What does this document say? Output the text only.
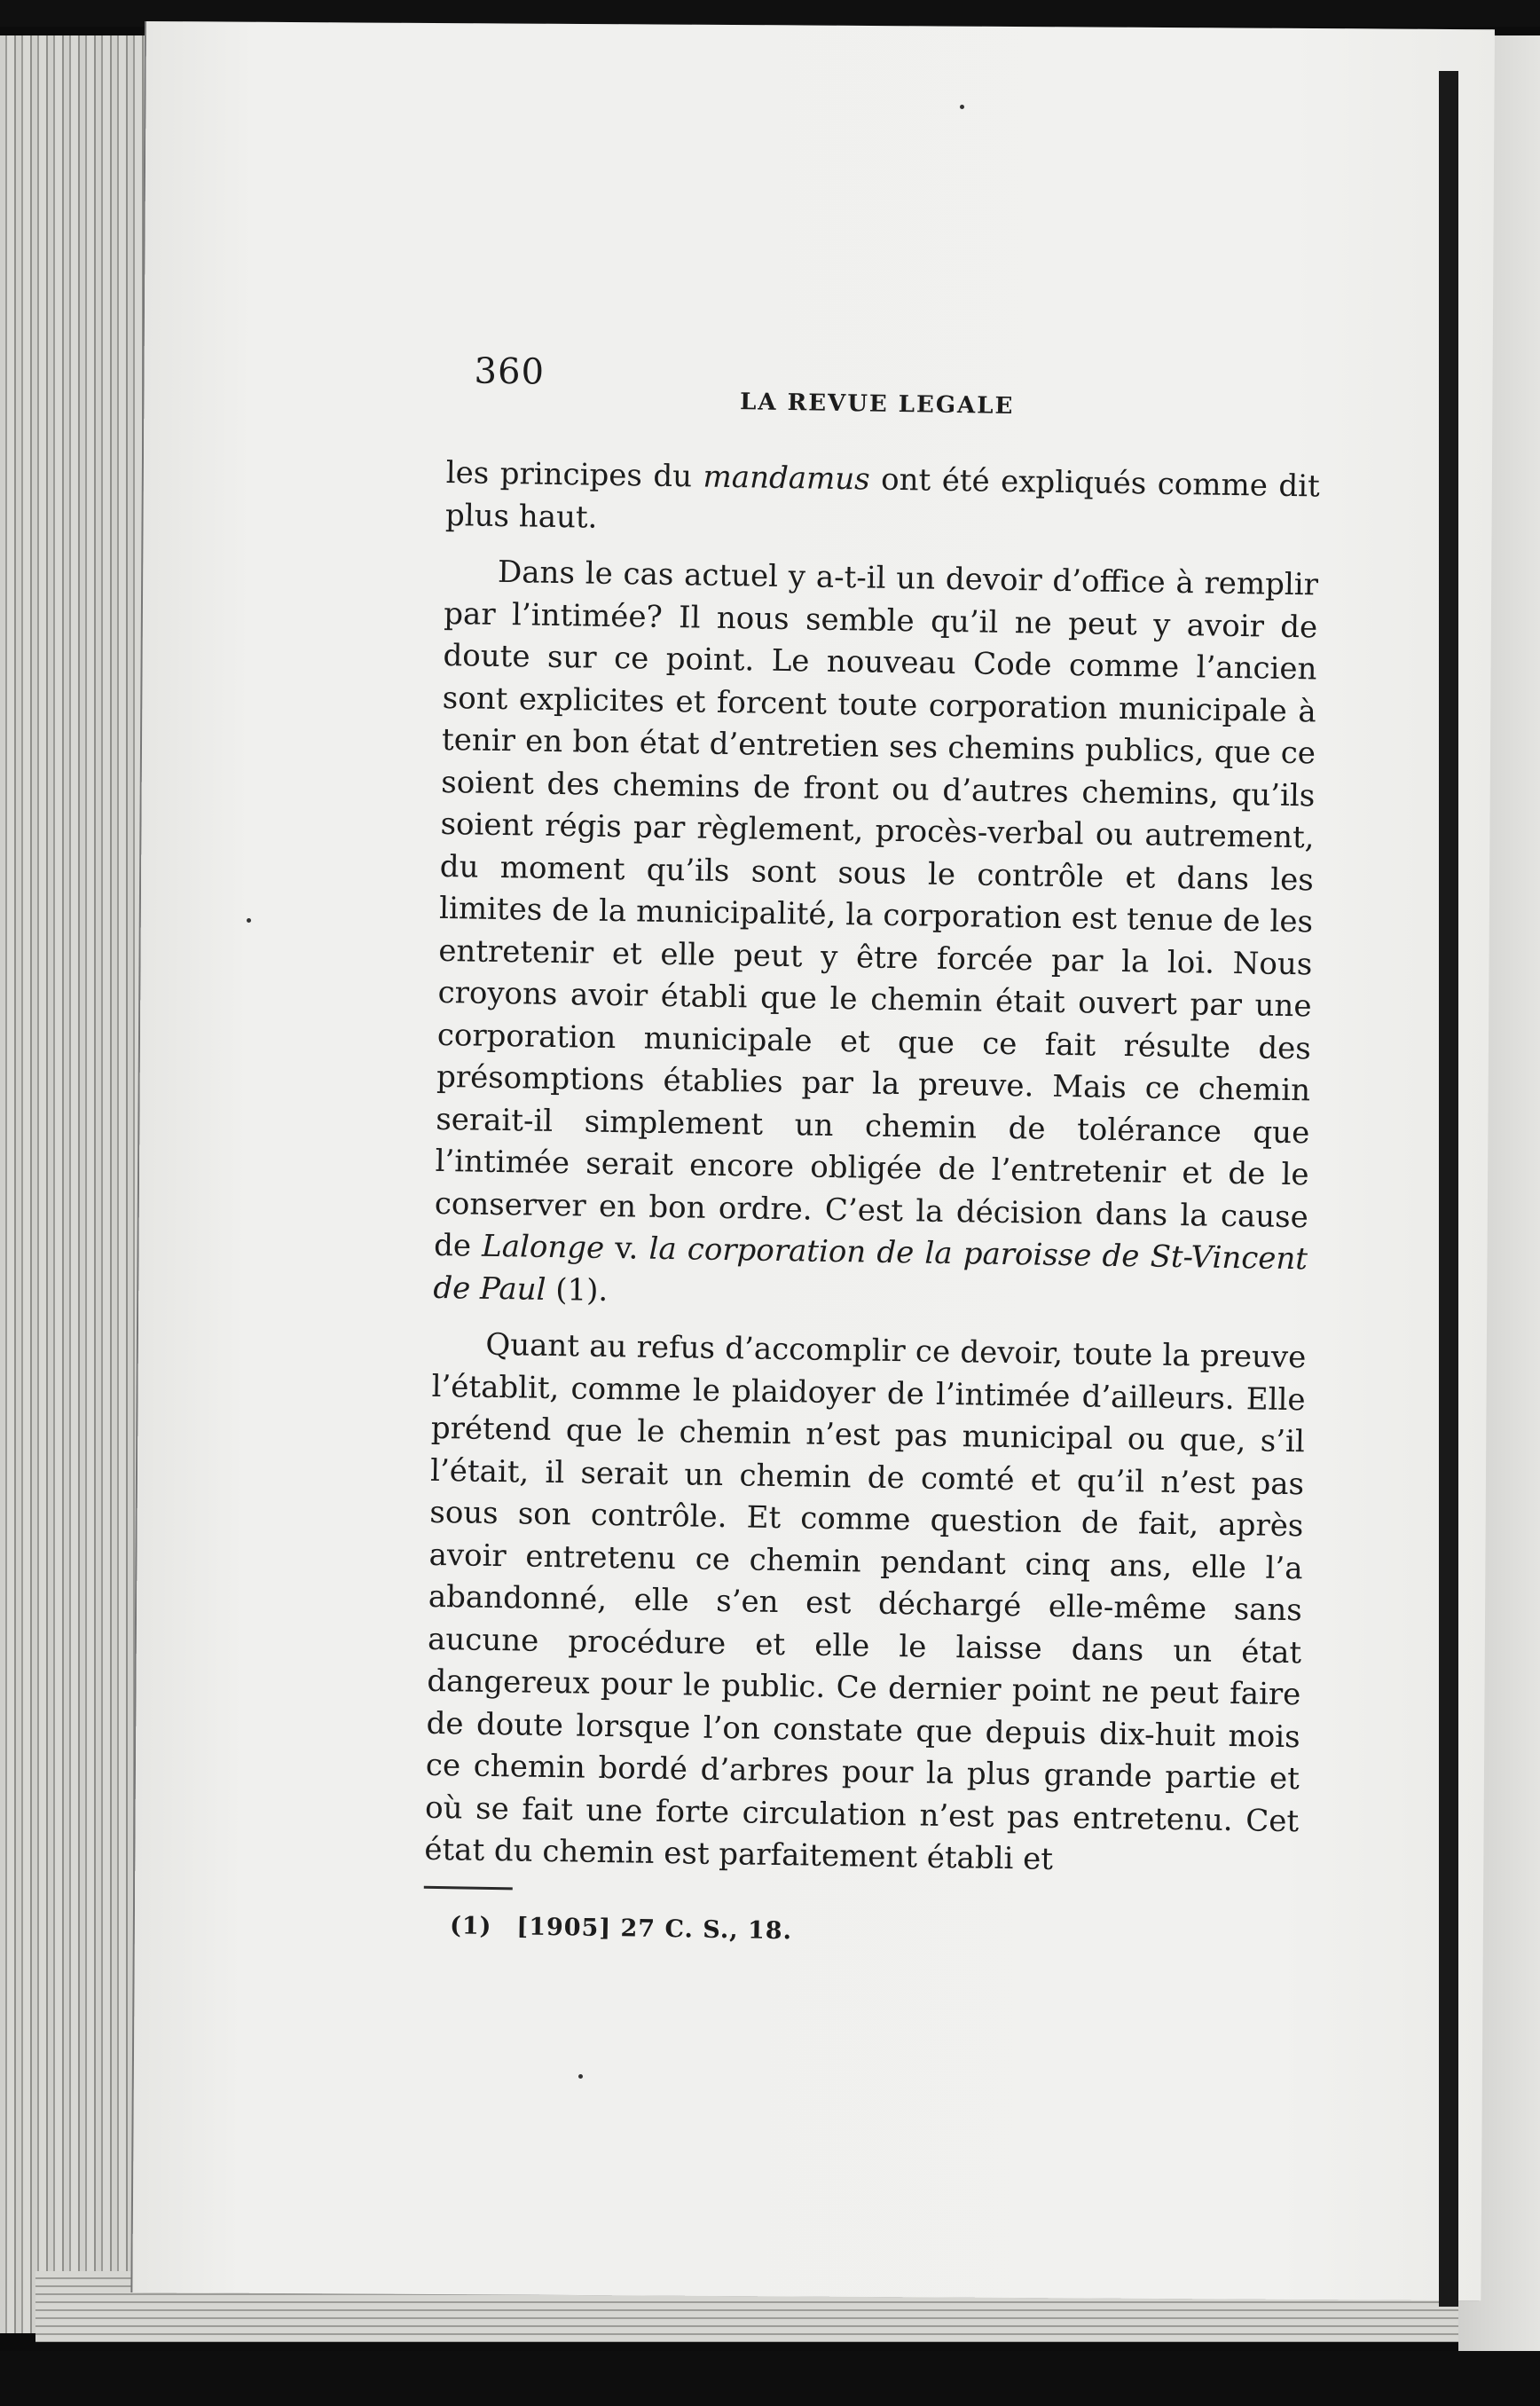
360
LA REVUE LEGALE

les principes du mandamus ont été expliqués comme dit plus haut.

Dans le cas actuel y a-t-il un devoir d’office à remplir par l’intimée? Il nous semble qu’il ne peut y avoir de doute sur ce point. Le nouveau Code comme l’ancien sont explicites et forcent toute corporation municipale à tenir en bon état d’entretien ses chemins publics, que ce soient des chemins de front ou d’autres chemins, qu’ils soient régis par règlement, procès-verbal ou autrement, du moment qu’ils sont sous le contrôle et dans les limites de la municipalité, la corporation est tenue de les entretenir et elle peut y être forcée par la loi. Nous croyons avoir établi que le chemin était ouvert par une corporation municipale et que ce fait résulte des présomptions établies par la preuve. Mais ce chemin serait-il simplement un chemin de tolérance que l’intimée serait encore obligée de l’entretenir et de le conserver en bon ordre. C’est la décision dans la cause de Lalonge v. la corporation de la paroisse de St-Vincent de Paul (1).

Quant au refus d’accomplir ce devoir, toute la preuve l’établit, comme le plaidoyer de l’intimée d’ailleurs. Elle prétend que le chemin n’est pas municipal ou que, s’il l’était, il serait un chemin de comté et qu’il n’est pas sous son contrôle. Et comme question de fait, après avoir entretenu ce chemin pendant cinq ans, elle l’a abandonné, elle s’en est déchargé elle-même sans aucune procédure et elle le laisse dans un état dangereux pour le public. Ce dernier point ne peut faire de doute lorsque l’on constate que depuis dix-huit mois ce chemin bordé d’arbres pour la plus grande partie et où se fait une forte circulation n’est pas entretenu. Cet état du chemin est parfaitement établi et

(1) [1905] 27 C. S., 18.
